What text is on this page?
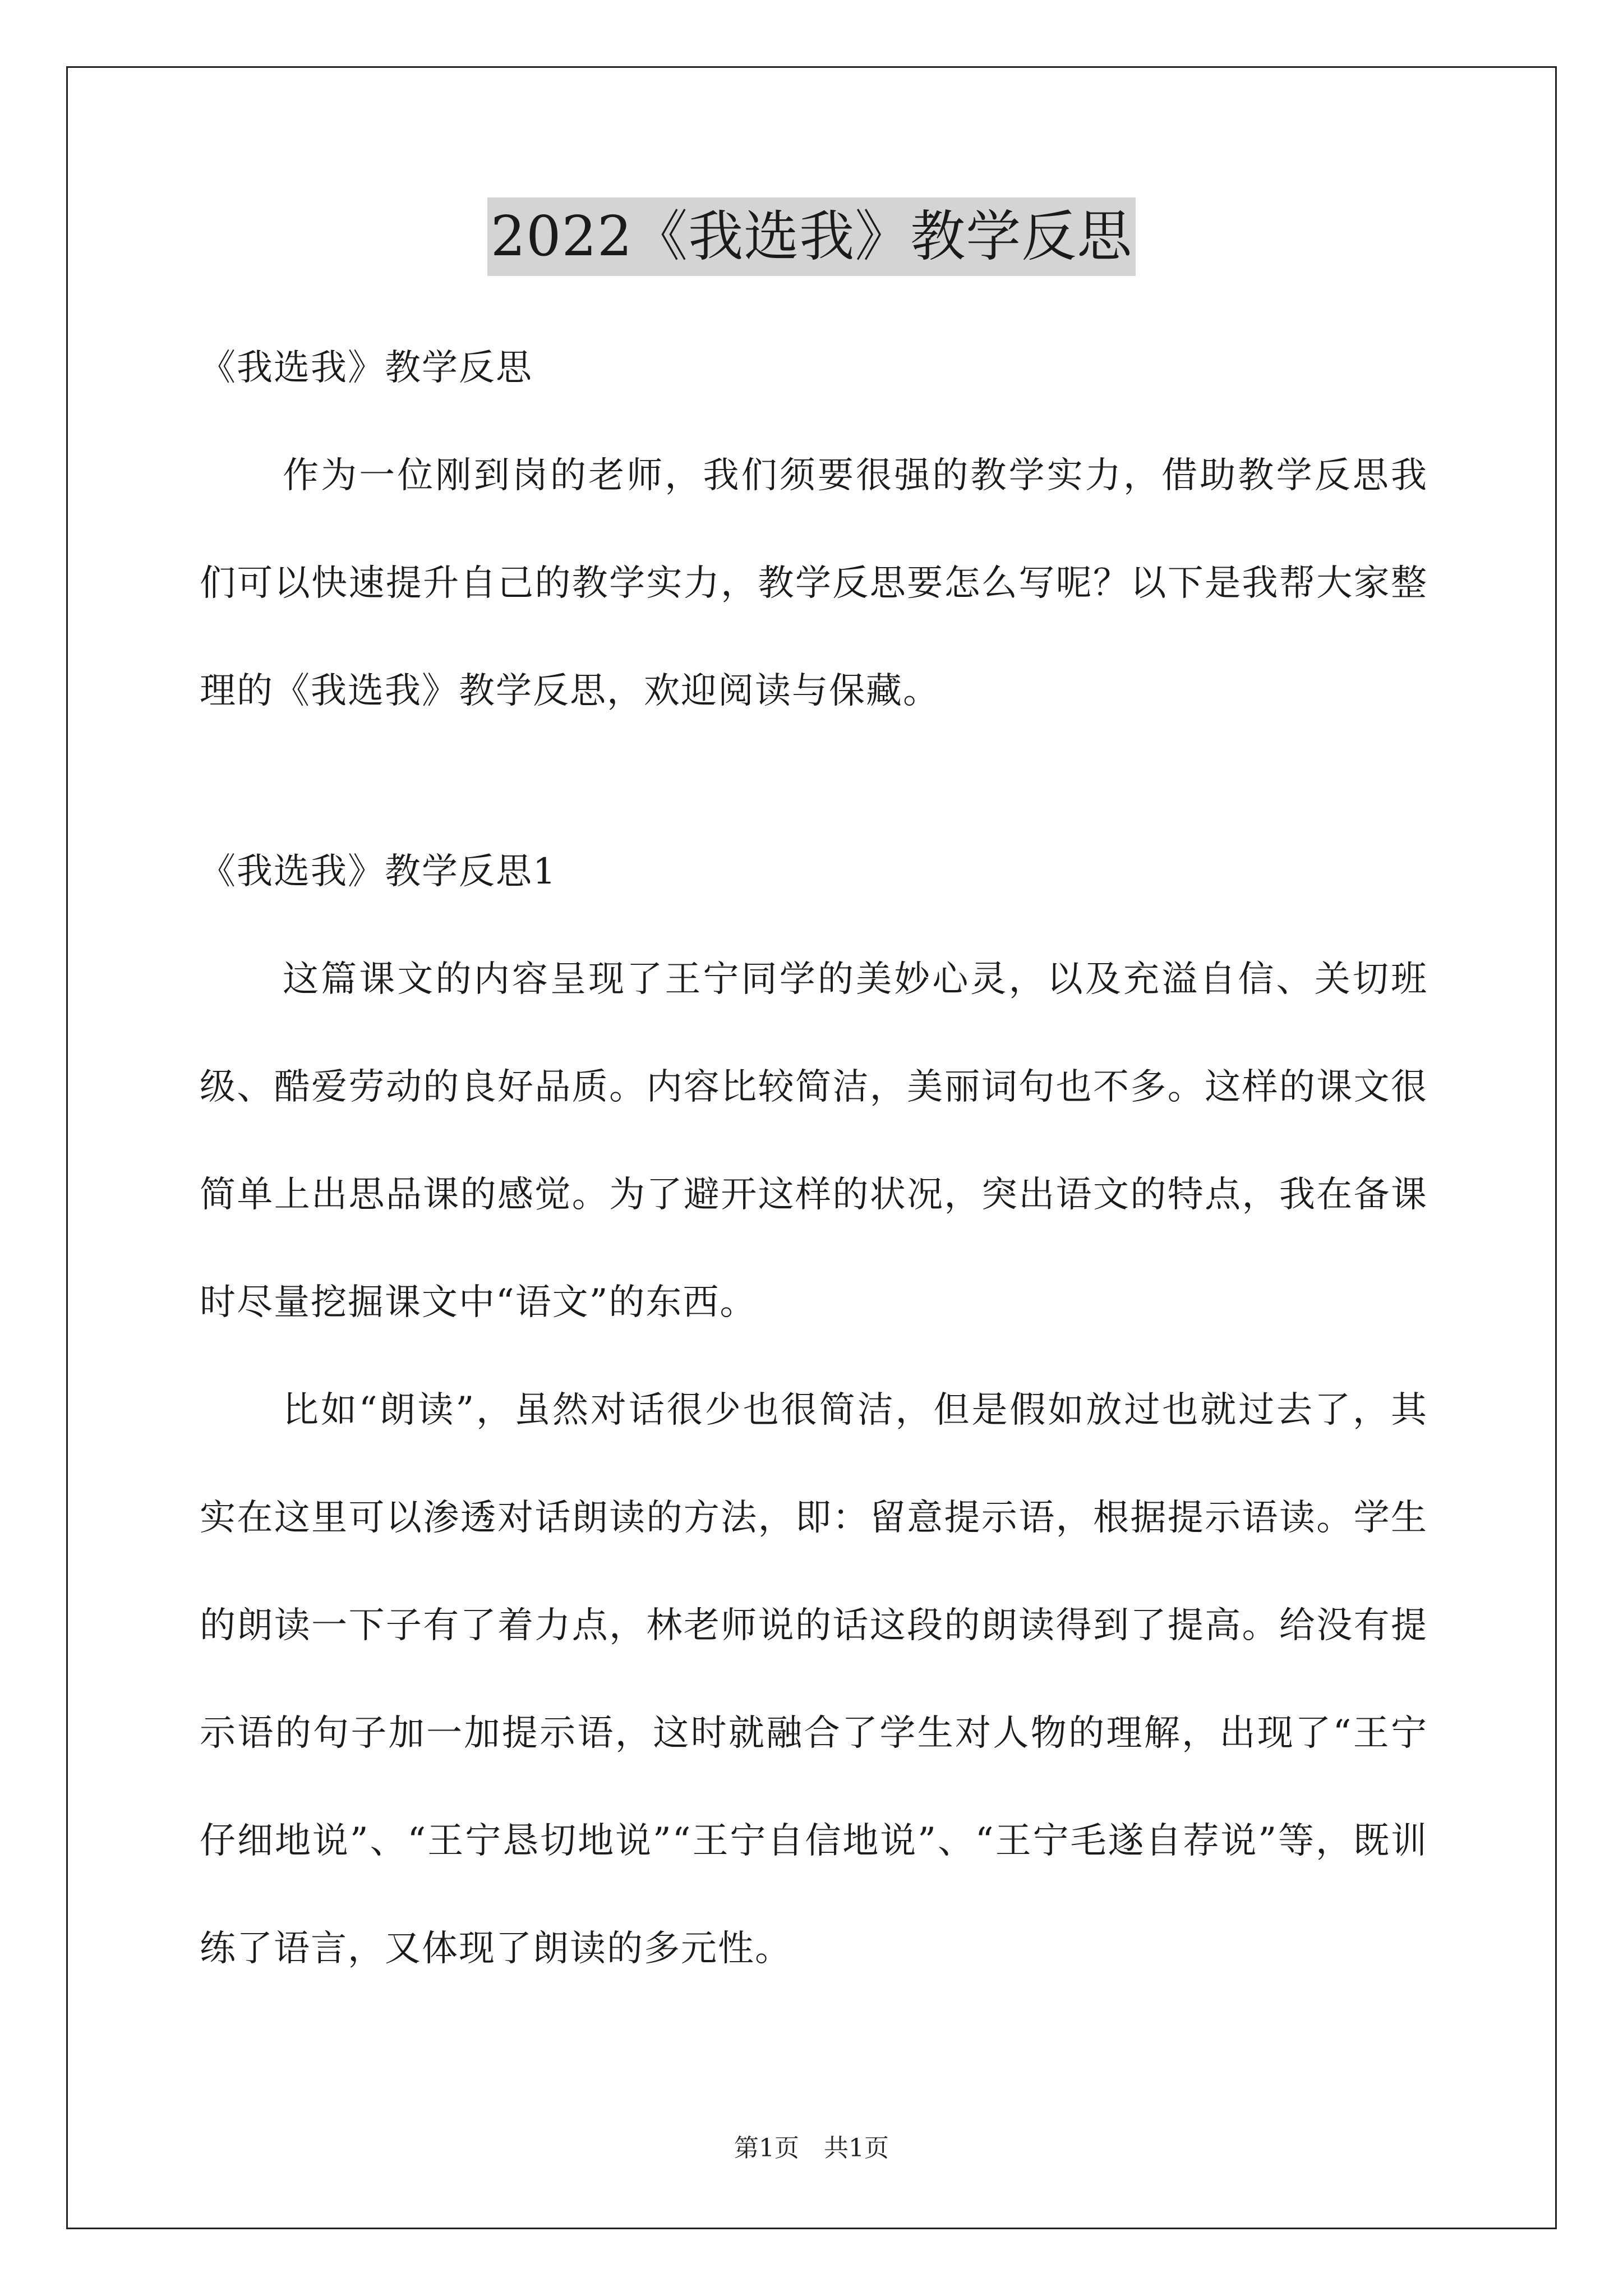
2022《我选我》教学反思
《我选我》教学反思
作为一位刚到岗的老师，我们须要很强的教学实力，借助教学反思我们可以快速提升自己的教学实力，教学反思要怎么写呢？以下是我帮大家整理的《我选我》教学反思，欢迎阅读与保藏。
《我选我》教学反思1
这篇课文的内容呈现了王宁同学的美妙心灵，以及充溢自信、关切班级、酷爱劳动的良好品质。内容比较简洁，美丽词句也不多。这样的课文很简单上出思品课的感觉。为了避开这样的状况，突出语文的特点，我在备课时尽量挖掘课文中“语文”的东西。
比如“朗读”，虽然对话很少也很简洁，但是假如放过也就过去了，其实在这里可以渗透对话朗读的方法，即：留意提示语，根据提示语读。学生的朗读一下子有了着力点，林老师说的话这段的朗读得到了提高。给没有提示语的句子加一加提示语，这时就融合了学生对人物的理解，出现了“王宁仔细地说”、“王宁恳切地说”“王宁自信地说”、“王宁毛遂自荐说”等，既训练了语言，又体现了朗读的多元性。
第1页　共1页
